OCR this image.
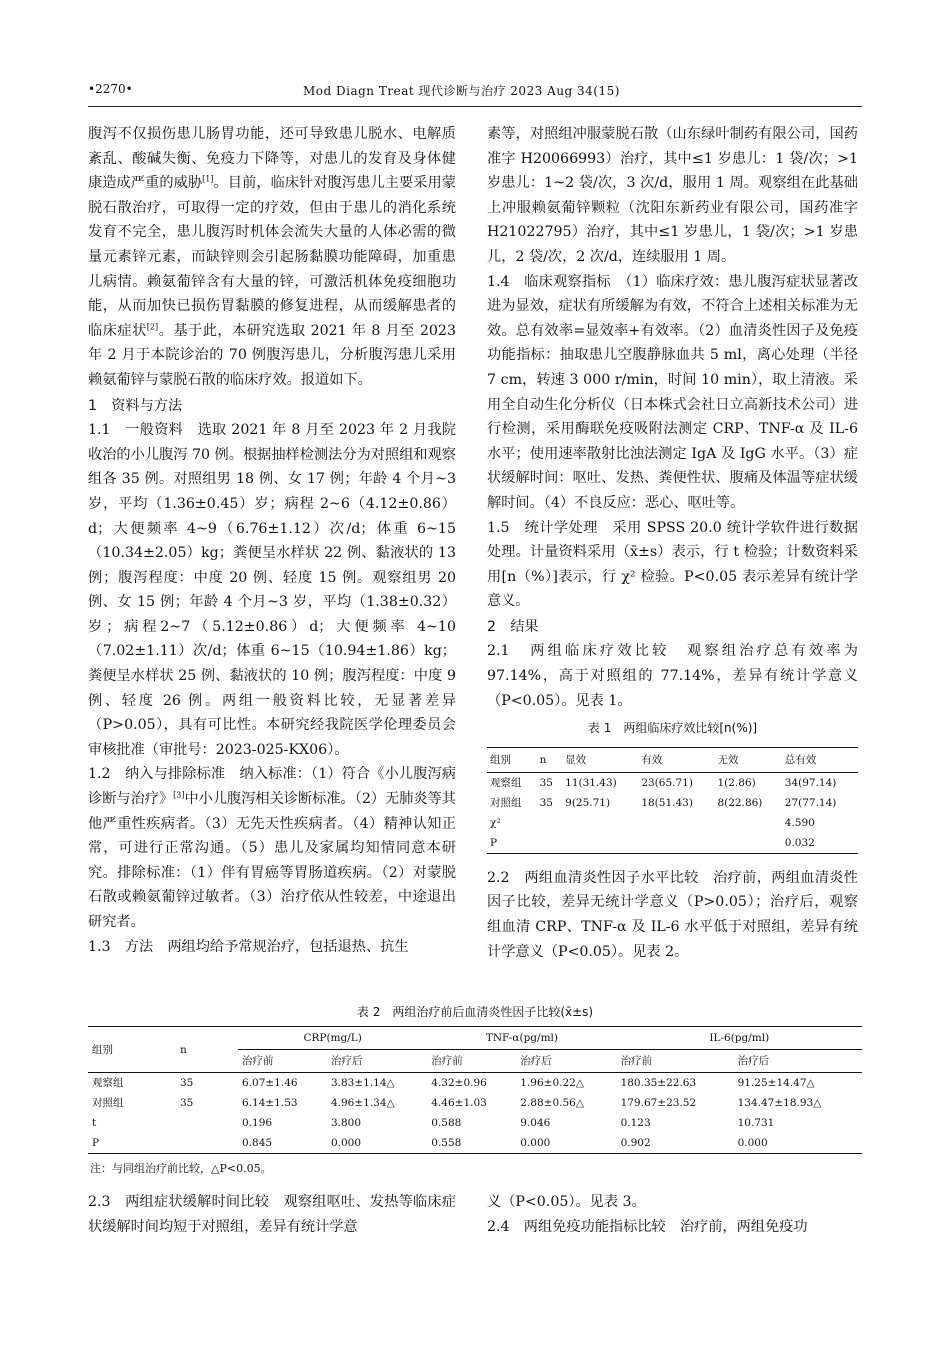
•2270•	Mod Diagn Treat 现代诊断与治疗 2023 Aug 34(15)

腹泻不仅损伤患儿肠胃功能，还可导致患儿脱水、电解质紊乱、酸碱失衡、免疫力下降等，对患儿的发育及身体健康造成严重的威胁[1]。目前，临床针对腹泻患儿主要采用蒙脱石散治疗，可取得一定的疗效，但由于患儿的消化系统发育不完全，患儿腹泻时机体会流失大量的人体必需的微量元素锌元素，而缺锌则会引起肠黏膜功能障碍，加重患儿病情。赖氨葡锌含有大量的锌，可激活机体免疫细胞功能，从而加快已损伤胃黏膜的修复进程，从而缓解患者的临床症状[2]。基于此，本研究选取 2021 年 8 月至 2023 年 2 月于本院诊治的 70 例腹泻患儿，分析腹泻患儿采用赖氨葡锌与蒙脱石散的临床疗效。报道如下。

1　资料与方法

1.1　一般资料　选取 2021 年 8 月至 2023 年 2 月我院收治的小儿腹泻 70 例。根据抽样检测法分为对照组和观察组各 35 例。对照组男 18 例、女 17 例；年龄 4 个月~3 岁，平均（1.36±0.45）岁；病程 2~6（4.12±0.86）d；大便频率 4~9（6.76±1.12）次/d；体重 6~15（10.34±2.05）kg；粪便呈水样状 22 例、黏液状的 13例；腹泻程度：中度 20 例、轻度 15 例。观察组男 20 例、女 15 例；年龄 4 个月~3 岁，平均（1.38±0.32）岁；病程2~7（5.12±0.86）d；大便频率 4~10（7.02±1.11）次/d；体重 6~15（10.94±1.86）kg；粪便呈水样状 25 例、黏液状的 10 例；腹泻程度：中度 9 例、轻度 26 例。两组一般资料比较，无显著差异（P>0.05），具有可比性。本研究经我院医学伦理委员会审核批准（审批号：2023-025-KX06）。

1.2　纳入与排除标准　纳入标准：（1）符合《小儿腹泻病诊断与治疗》[3]中小儿腹泻相关诊断标准。（2）无肺炎等其他严重性疾病者。（3）无先天性疾病者。（4）精神认知正常，可进行正常沟通。（5）患儿及家属均知情同意本研究。排除标准：（1）伴有胃癌等胃肠道疾病。（2）对蒙脱石散或赖氨葡锌过敏者。（3）治疗依从性较差，中途退出研究者。

1.3　方法　两组均给予常规治疗，包括退热、抗生

素等，对照组冲服蒙脱石散（山东绿叶制药有限公司，国药准字 H20066993）治疗，其中≤1 岁患儿：1 袋/次；>1 岁患儿：1~2 袋/次，3 次/d，服用 1 周。观察组在此基础上冲服赖氨葡锌颗粒（沈阳东新药业有限公司，国药准字 H21022795）治疗，其中≤1 岁患儿，1 袋/次；>1 岁患儿，2 袋/次，2 次/d，连续服用 1 周。

1.4　临床观察指标　（1）临床疗效：患儿腹泻症状显著改进为显效，症状有所缓解为有效，不符合上述相关标准为无效。总有效率=显效率+有效率。（2）血清炎性因子及免疫功能指标：抽取患儿空腹静脉血共 5 ml，离心处理（半径 7 cm，转速 3 000 r/min，时间 10 min），取上清液。采用全自动生化分析仪（日本株式会社日立高新技术公司）进行检测，采用酶联免疫吸附法测定 CRP、TNF-α 及 IL-6 水平；使用速率散射比浊法测定 IgA 及 IgG 水平。（3）症状缓解时间：呕吐、发热、粪便性状、腹痛及体温等症状缓解时间。（4）不良反应：恶心、呕吐等。

1.5　统计学处理　采用 SPSS 20.0 统计学软件进行数据处理。计量资料采用（x̄±s）表示，行 t 检验；计数资料采用[n（%）]表示，行 χ² 检验。P<0.05 表示差异有统计学意义。

2　结果

2.1　两组临床疗效比较　观察组治疗总有效率为97.14%，高于对照组的 77.14%，差异有统计学意义（P<0.05）。见表 1。

表 1　两组临床疗效比较[n(%)]
组别	n	显效	有效	无效	总有效
观察组	35	11(31.43)	23(65.71)	1(2.86)	34(97.14)
对照组	35	9(25.71)	18(51.43)	8(22.86)	27(77.14)
χ²					4.590
P					0.032

2.2　两组血清炎性因子水平比较　治疗前，两组血清炎性因子比较，差异无统计学意义（P>0.05）；治疗后，观察组血清 CRP、TNF-α 及 IL-6 水平低于对照组，差异有统计学意义（P<0.05）。见表 2。

表 2　两组治疗前后血清炎性因子比较(x̄±s)
组别	n	CRP(mg/L)		TNF-α(pg/ml)		IL-6(pg/ml)	
		治疗前	治疗后	治疗前	治疗后	治疗前	治疗后
观察组	35	6.07±1.46	3.83±1.14△	4.32±0.96	1.96±0.22△	180.35±22.63	91.25±14.47△
对照组	35	6.14±1.53	4.96±1.34△	4.46±1.03	2.88±0.56△	179.67±23.52	134.47±18.93△
t		0.196	3.800	0.588	9.046	0.123	10.731
P		0.845	0.000	0.558	0.000	0.902	0.000
注：与同组治疗前比较，△P<0.05。

2.3　两组症状缓解时间比较　观察组呕吐、发热等临床症状缓解时间均短于对照组，差异有统计学意

义（P<0.05）。见表 3。

2.4　两组免疫功能指标比较　治疗前，两组免疫功
